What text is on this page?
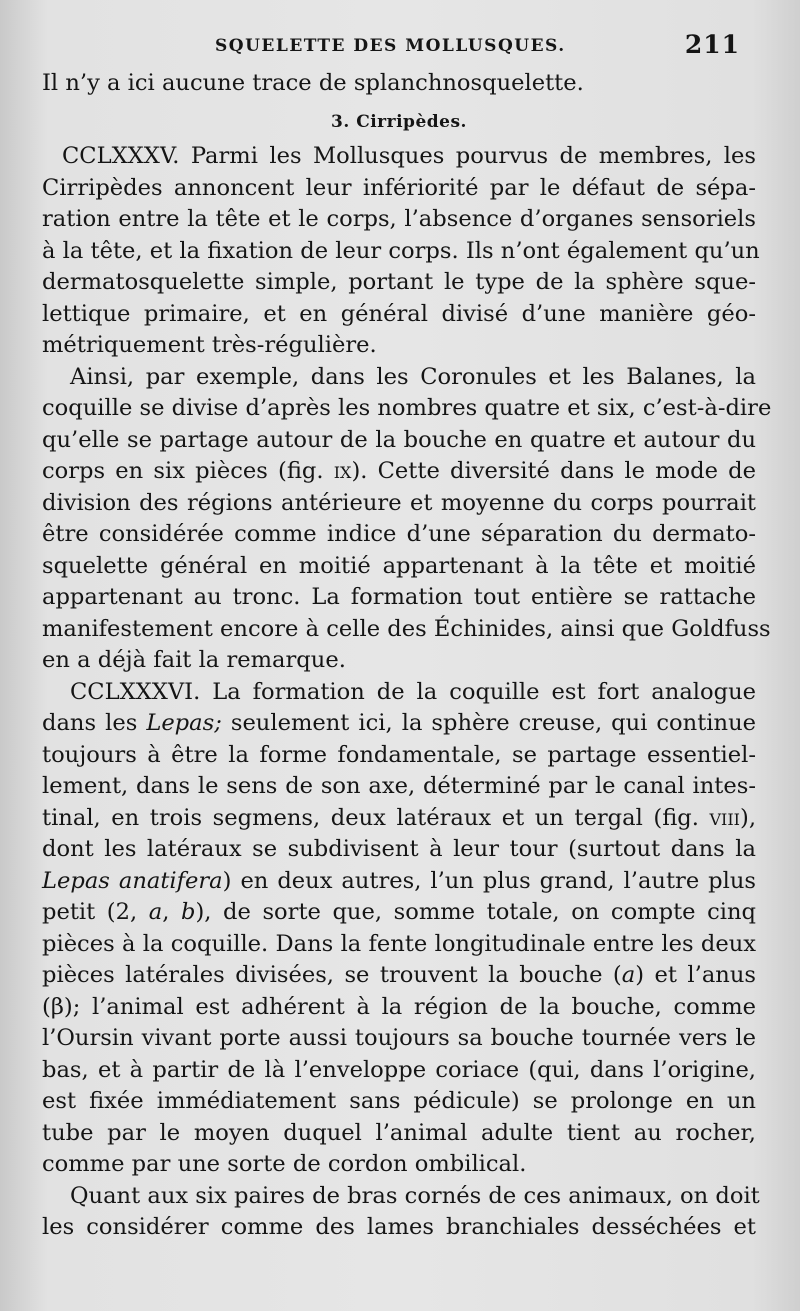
SQUELETTE DES MOLLUSQUES.	211
Il n’y a ici aucune trace de splanchnosquelette.
3. Cirripèdes.

CCLXXXV. Parmi les Mollusques pourvus de membres, les
Cirripèdes annoncent leur infériorité par le défaut de sépa-
ration entre la tête et le corps, l’absence d’organes sensoriels
à la tête, et la fixation de leur corps. Ils n’ont également qu’un
dermatosquelette simple, portant le type de la sphère sque-
lettique primaire, et en général divisé d’une manière géo-
métriquement très-régulière.

Ainsi, par exemple, dans les Coronules et les Balanes, la
coquille se divise d’après les nombres quatre et six, c’est-à-dire
qu’elle se partage autour de la bouche en quatre et autour du
corps en six pièces (fig. ix). Cette diversité dans le mode de
division des régions antérieure et moyenne du corps pourrait
être considérée comme indice d’une séparation du dermato-
squelette général en moitié appartenant à la tête et moitié
appartenant au tronc. La formation tout entière se rattache
manifestement encore à celle des Échinides, ainsi que Goldfuss
en a déjà fait la remarque.

CCLXXXVI. La formation de la coquille est fort analogue
dans les Lepas; seulement ici, la sphère creuse, qui continue
toujours à être la forme fondamentale, se partage essentiel-
lement, dans le sens de son axe, déterminé par le canal intes-
tinal, en trois segmens, deux latéraux et un tergal (fig. viii),
dont les latéraux se subdivisent à leur tour (surtout dans la
Lepas anatifera) en deux autres, l’un plus grand, l’autre plus
petit (2, a, b), de sorte que, somme totale, on compte cinq
pièces à la coquille. Dans la fente longitudinale entre les deux
pièces latérales divisées, se trouvent la bouche (a) et l’anus
(β); l’animal est adhérent à la région de la bouche, comme
l’Oursin vivant porte aussi toujours sa bouche tournée vers le
bas, et à partir de là l’enveloppe coriace (qui, dans l’origine,
est fixée immédiatement sans pédicule) se prolonge en un
tube par le moyen duquel l’animal adulte tient au rocher,
comme par une sorte de cordon ombilical.

Quant aux six paires de bras cornés de ces animaux, on doit
les considérer comme des lames branchiales desséchées et
